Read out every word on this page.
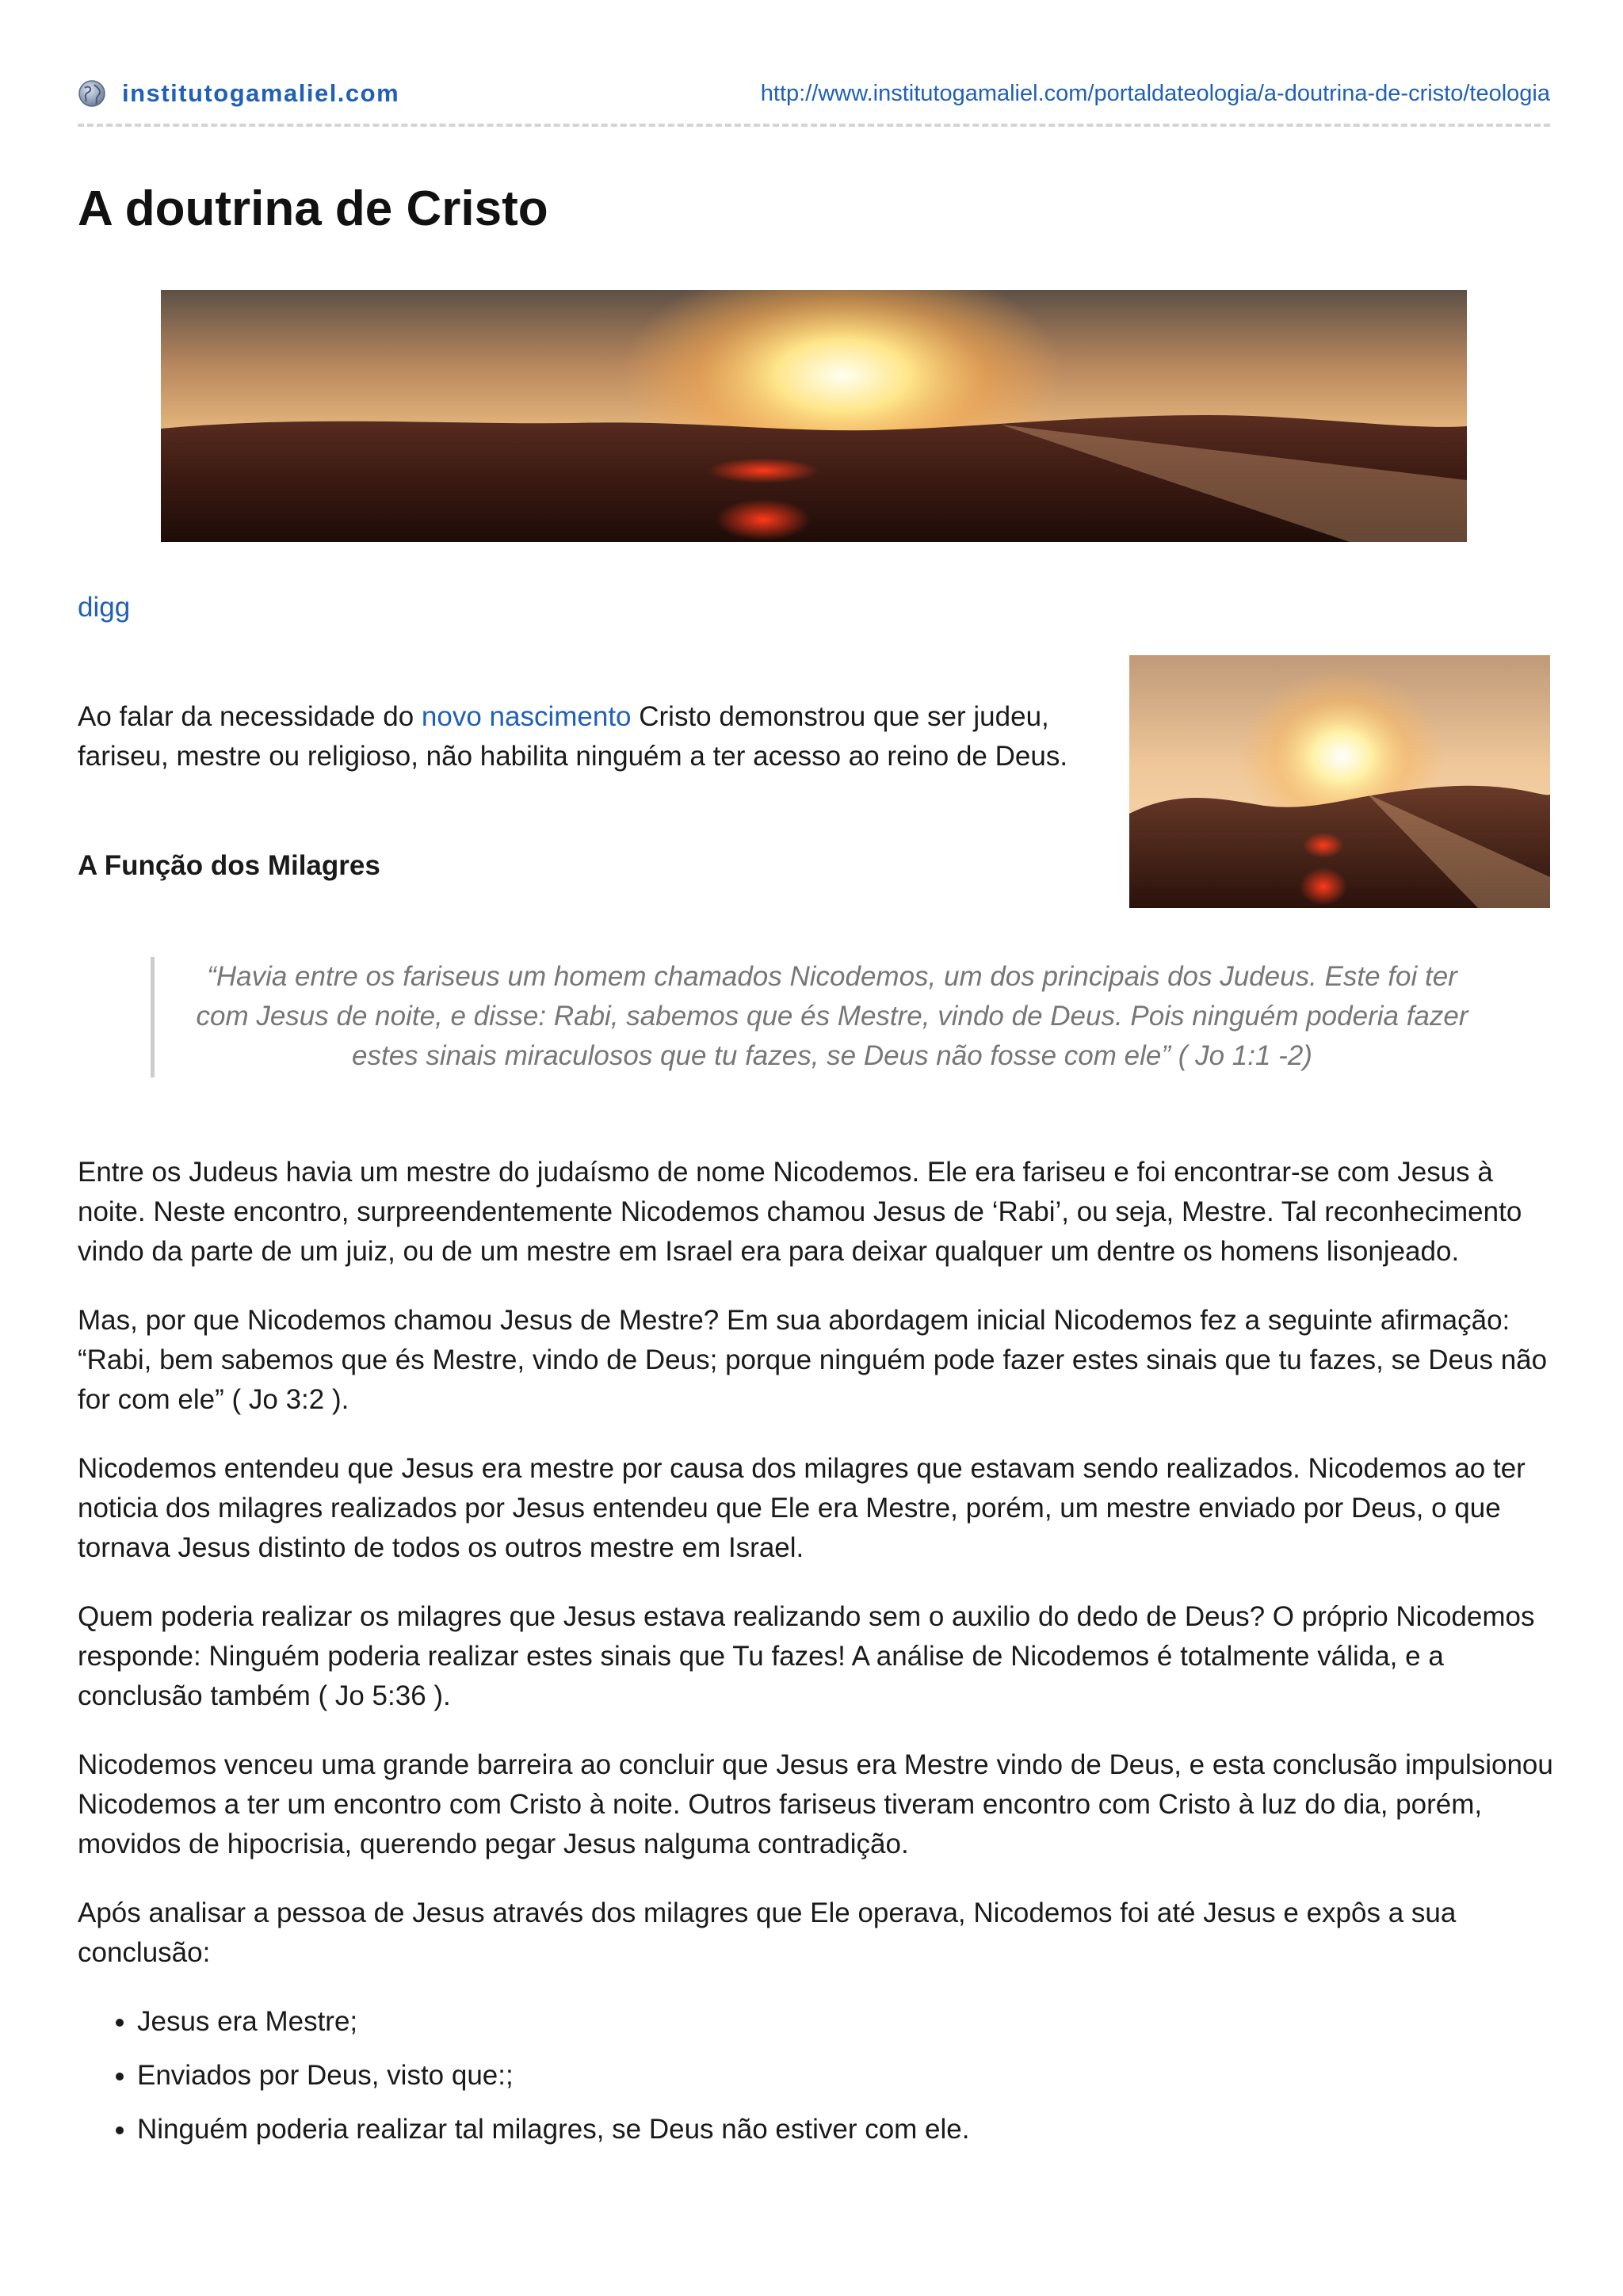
institutogamaliel.com	http://www.institutogamaliel.com/portaldateologia/a-doutrina-de-cristo/teologia
A doutrina de Cristo
digg

Ao falar da necessidade do novo nascimento Cristo demonstrou que ser judeu, fariseu, mestre ou religioso, não habilita ninguém a ter acesso ao reino de Deus.

A Função dos Milagres

“Havia entre os fariseus um homem chamados Nicodemos, um dos principais dos Judeus. Este foi ter com Jesus de noite, e disse: Rabi, sabemos que és Mestre, vindo de Deus. Pois ninguém poderia fazer estes sinais miraculosos que tu fazes, se Deus não fosse com ele” ( Jo 1:1 -2)

Entre os Judeus havia um mestre do judaísmo de nome Nicodemos. Ele era fariseu e foi encontrar-se com Jesus à noite. Neste encontro, surpreendentemente Nicodemos chamou Jesus de ‘Rabi’, ou seja, Mestre. Tal reconhecimento vindo da parte de um juiz, ou de um mestre em Israel era para deixar qualquer um dentre os homens lisonjeado.

Mas, por que Nicodemos chamou Jesus de Mestre? Em sua abordagem inicial Nicodemos fez a seguinte afirmação: “Rabi, bem sabemos que és Mestre, vindo de Deus; porque ninguém pode fazer estes sinais que tu fazes, se Deus não for com ele” ( Jo 3:2 ).

Nicodemos entendeu que Jesus era mestre por causa dos milagres que estavam sendo realizados. Nicodemos ao ter noticia dos milagres realizados por Jesus entendeu que Ele era Mestre, porém, um mestre enviado por Deus, o que tornava Jesus distinto de todos os outros mestre em Israel.

Quem poderia realizar os milagres que Jesus estava realizando sem o auxilio do dedo de Deus? O próprio Nicodemos responde: Ninguém poderia realizar estes sinais que Tu fazes! A análise de Nicodemos é totalmente válida, e a conclusão também ( Jo 5:36 ).

Nicodemos venceu uma grande barreira ao concluir que Jesus era Mestre vindo de Deus, e esta conclusão impulsionou Nicodemos a ter um encontro com Cristo à noite. Outros fariseus tiveram encontro com Cristo à luz do dia, porém, movidos de hipocrisia, querendo pegar Jesus nalguma contradição.

Após analisar a pessoa de Jesus através dos milagres que Ele operava, Nicodemos foi até Jesus e expôs a sua conclusão:

• Jesus era Mestre;
• Enviados por Deus, visto que:;
• Ninguém poderia realizar tal milagres, se Deus não estiver com ele.
